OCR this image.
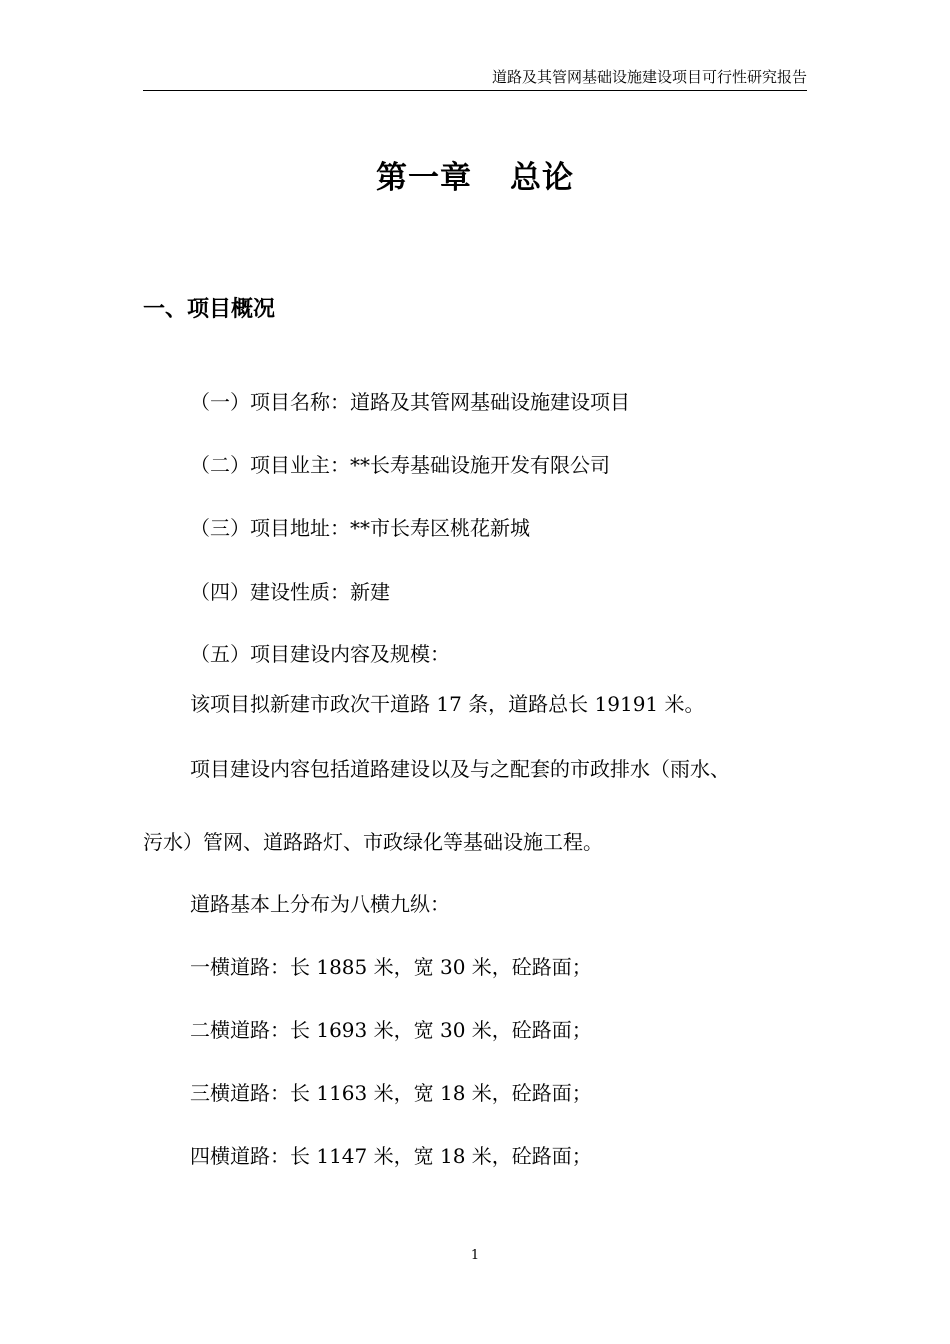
道路及其管网基础设施建设项目可行性研究报告
第一章 总论
一、项目概况
（一）项目名称：道路及其管网基础设施建设项目
（二）项目业主：**长寿基础设施开发有限公司
（三）项目地址：**市长寿区桃花新城
（四）建设性质：新建
（五）项目建设内容及规模：
该项目拟新建市政次干道路 17 条，道路总长 19191 米。
项目建设内容包括道路建设以及与之配套的市政排水（雨水、
污水）管网、道路路灯、市政绿化等基础设施工程。
道路基本上分布为八横九纵：
一横道路：长 1885 米，宽 30 米，砼路面；
二横道路：长 1693 米，宽 30 米，砼路面；
三横道路：长 1163 米，宽 18 米，砼路面；
四横道路：长 1147 米，宽 18 米，砼路面；
1
